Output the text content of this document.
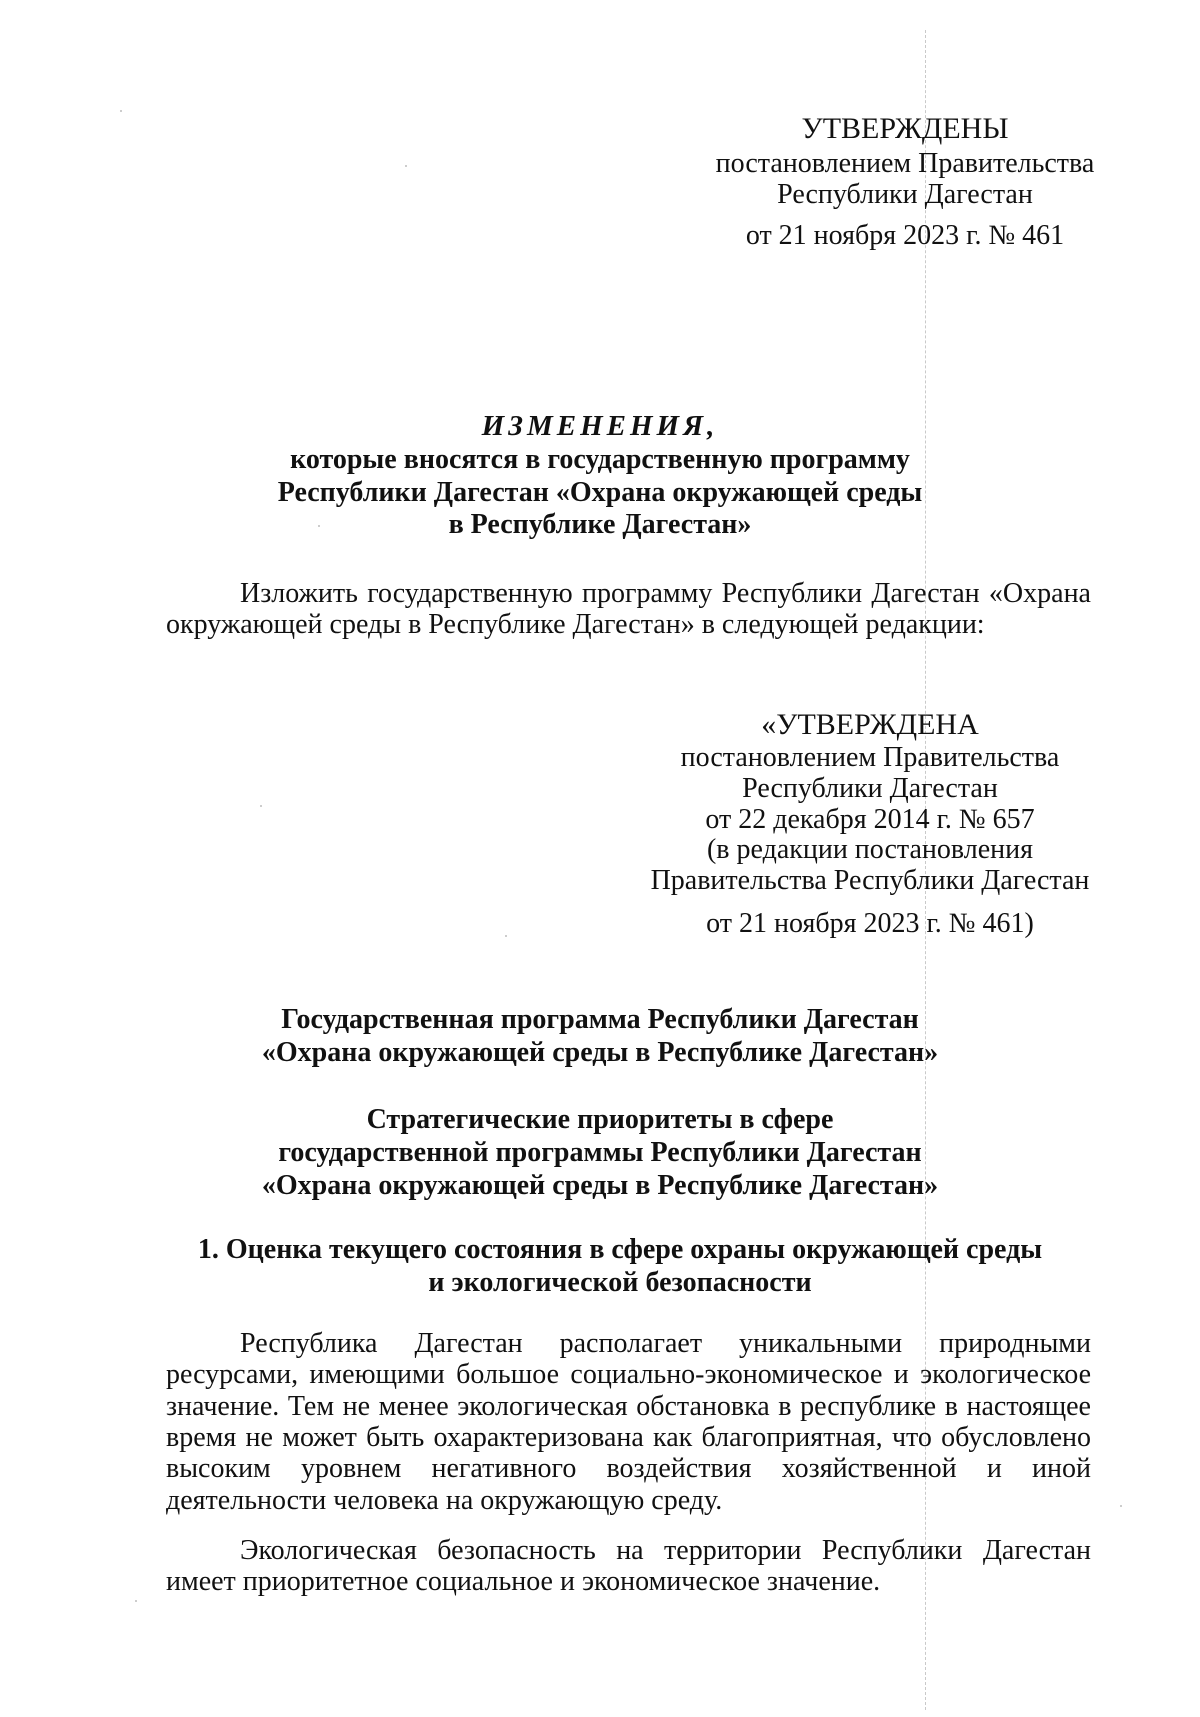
УТВЕРЖДЕНЫ
постановлением Правительства
Республики Дагестан
от 21 ноября 2023 г. № 461
ИЗМЕНЕНИЯ,
которые вносятся в государственную программу
Республики Дагестан «Охрана окружающей среды
в Республике Дагестан»

Изложить государственную программу Республики Дагестан «Охрана окружающей среды в Республике Дагестан» в следующей редакции:

«УТВЕРЖДЕНА
постановлением Правительства
Республики Дагестан
от 22 декабря 2014 г. № 657
(в редакции постановления
Правительства Республики Дагестан
от 21 ноября 2023 г. № 461)
Государственная программа Республики Дагестан
«Охрана окружающей среды в Республике Дагестан»
Стратегические приоритеты в сфере
государственной программы Республики Дагестан
«Охрана окружающей среды в Республике Дагестан»
1. Оценка текущего состояния в сфере охраны окружающей среды
и экологической безопасности

Республика Дагестан располагает уникальными природными ресурсами, имеющими большое социально-экономическое и экологическое значение. Тем не менее экологическая обстановка в республике в настоящее время не может быть охарактеризована как благоприятная, что обусловлено высоким уровнем негативного воздействия хозяйственной и иной деятельности человека на окружающую среду.

Экологическая безопасность на территории Республики Дагестан имеет приоритетное социальное и экономическое значение.
